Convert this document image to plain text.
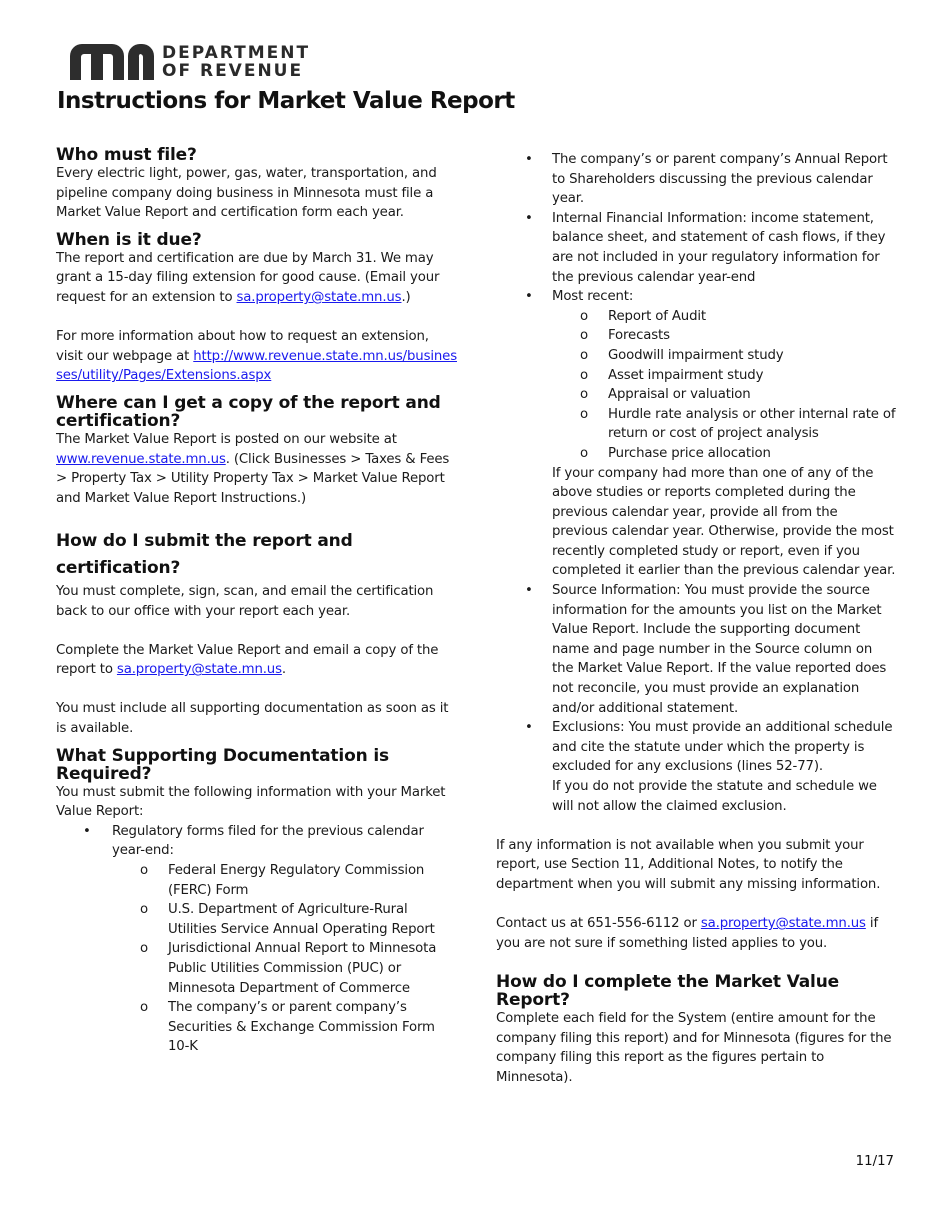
DEPARTMENT
OF REVENUE
Instructions for Market Value Report
Who must file?

Every electric light, power, gas, water, transportation, and pipeline company doing business in Minnesota must file a Market Value Report and certification form each year.

When is it due?

The report and certification are due by March 31. We may grant a 15-day filing extension for good cause. (Email your request for an extension to sa.property@state.mn.us.)

For more information about how to request an extension, visit our webpage at http://www.revenue.state.mn.us/businesses/utility/Pages/Extensions.aspx

Where can I get a copy of the report and certification?

The Market Value Report is posted on our website at www.revenue.state.mn.us. (Click Businesses > Taxes & Fees > Property Tax > Utility Property Tax > Market Value Report and Market Value Report Instructions.)

How do I submit the report and certification?

You must complete, sign, scan, and email the certification back to our office with your report each year.

Complete the Market Value Report and email a copy of the report to sa.property@state.mn.us.

You must include all supporting documentation as soon as it is available.

What Supporting Documentation is Required?

You must submit the following information with your Market Value Report:

• Regulatory forms filed for the previous calendar year-end:
o Federal Energy Regulatory Commission (FERC) Form
o U.S. Department of Agriculture-Rural Utilities Service Annual Operating Report
o Jurisdictional Annual Report to Minnesota Public Utilities Commission (PUC) or Minnesota Department of Commerce
o The company’s or parent company’s Securities & Exchange Commission Form 10-K
• The company’s or parent company’s Annual Report to Shareholders discussing the previous calendar year.
• Internal Financial Information: income statement, balance sheet, and statement of cash flows, if they are not included in your regulatory information for the previous calendar year-end
• Most recent:
o Report of Audit
o Forecasts
o Goodwill impairment study
o Asset impairment study
o Appraisal or valuation
o Hurdle rate analysis or other internal rate of return or cost of project analysis
o Purchase price allocation

If your company had more than one of any of the above studies or reports completed during the previous calendar year, provide all from the previous calendar year. Otherwise, provide the most recently completed study or report, even if you completed it earlier than the previous calendar year.

• Source Information: You must provide the source information for the amounts you list on the Market Value Report. Include the supporting document name and page number in the Source column on the Market Value Report. If the value reported does not reconcile, you must provide an explanation and/or additional statement.
• Exclusions: You must provide an additional schedule and cite the statute under which the property is excluded for any exclusions (lines 52-77).

If you do not provide the statute and schedule we will not allow the claimed exclusion.

If any information is not available when you submit your report, use Section 11, Additional Notes, to notify the department when you will submit any missing information.

Contact us at 651-556-6112 or sa.property@state.mn.us if you are not sure if something listed applies to you.

How do I complete the Market Value Report?

Complete each field for the System (entire amount for the company filing this report) and for Minnesota (figures for the company filing this report as the figures pertain to Minnesota).

11/17
